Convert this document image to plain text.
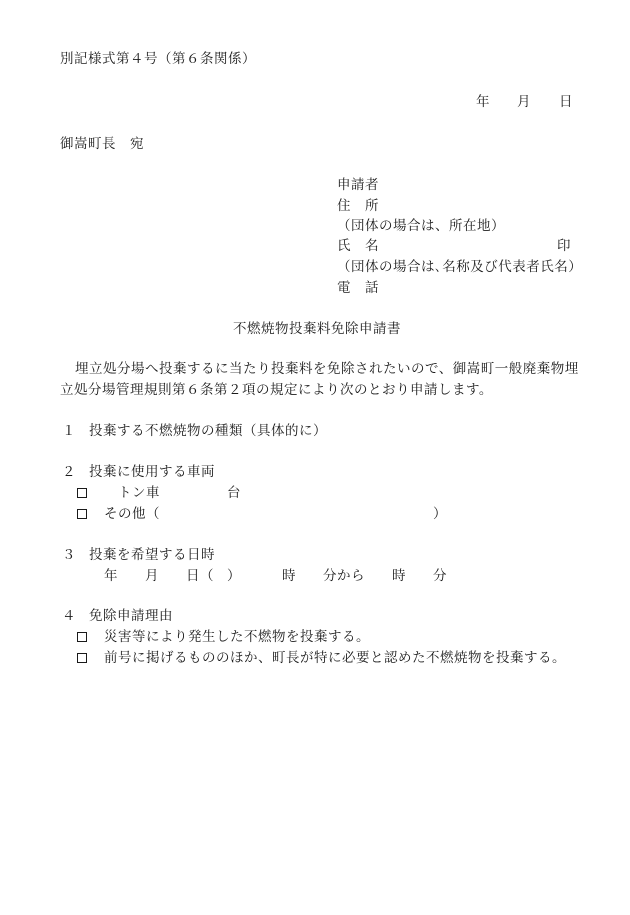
別記様式第４号（第６条関係）
年 月 日
御嵩町長　宛
申請者
住　所
（団体の場合は、所在地）
氏　名	印
（団体の場合は､名称及び代表者氏名）
電　話
不燃焼物投棄料免除申請書
埋立処分場へ投棄するに当たり投棄料を免除されたいので、御嵩町一般廃棄物埋
立処分場管理規則第６条第２項の規定により次のとおり申請します。
１ 投棄する不燃焼物の種類（具体的に）
２ 投棄に使用する車両
トン車	台
その他（	）
３ 投棄を希望する日時
年 月 日（ ）	時 分から 時 分
４ 免除申請理由
災害等により発生した不燃物を投棄する。
前号に掲げるもののほか、町長が特に必要と認めた不燃焼物を投棄する。
